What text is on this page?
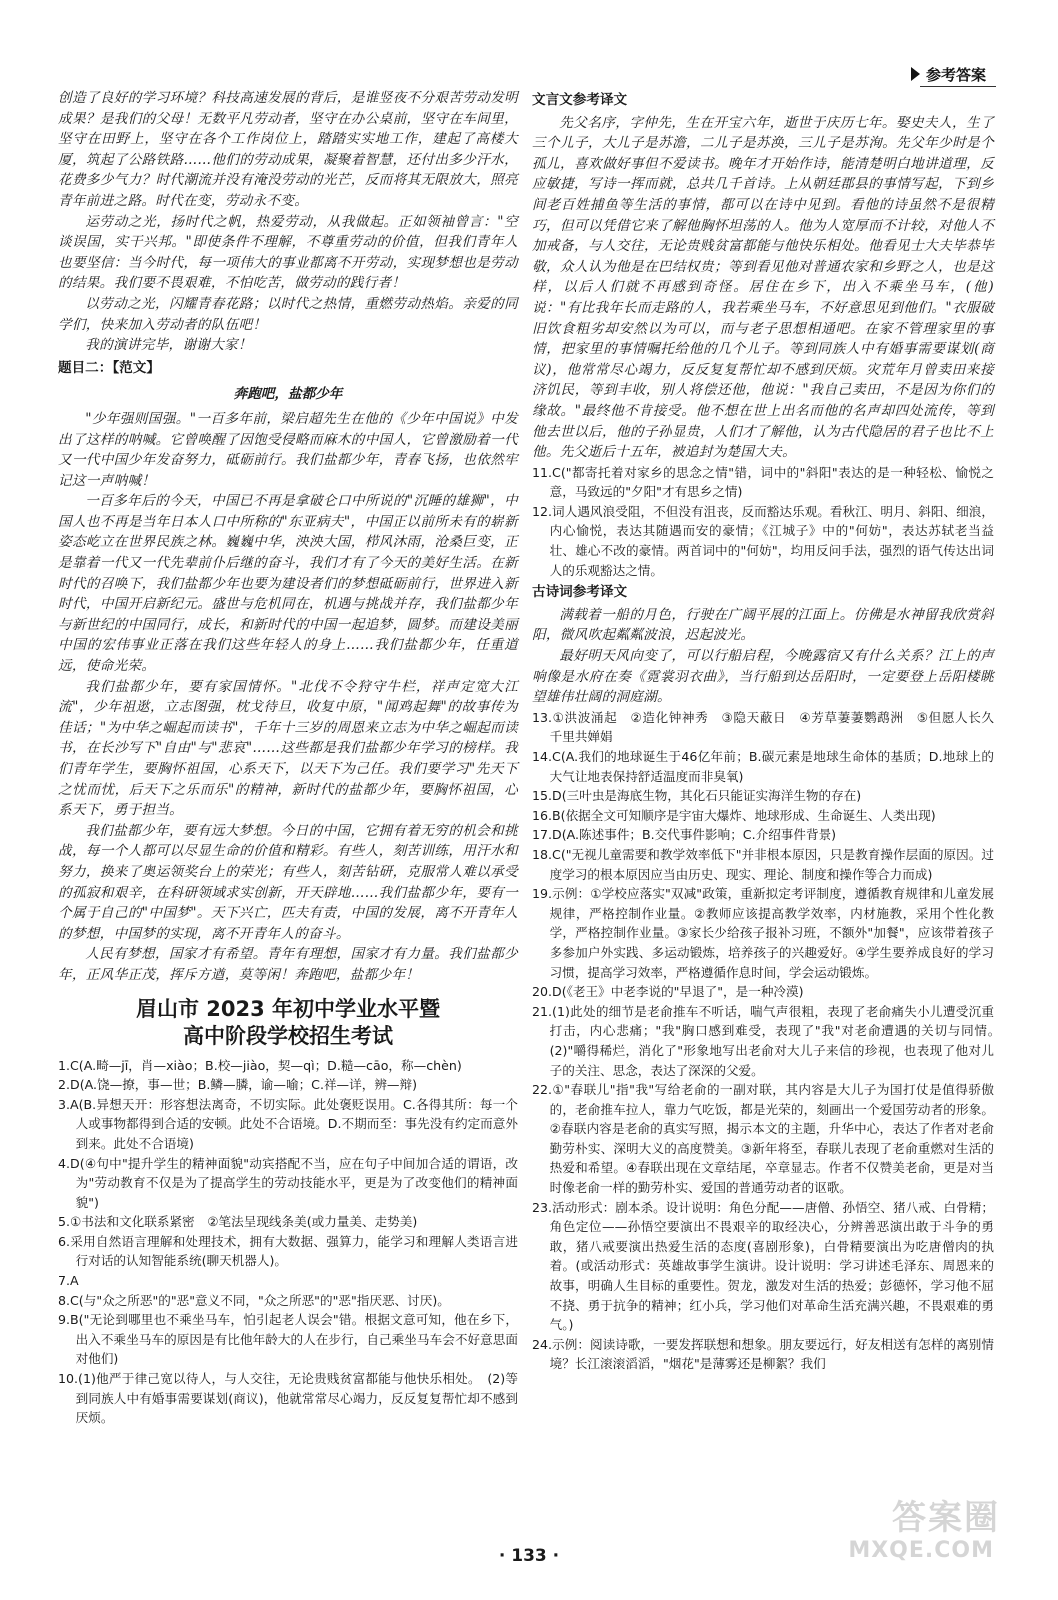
参考答案

创造了良好的学习环境？科技高速发展的背后，是谁竖夜不分艰苦劳动发明成果？是我们的父母！无数平凡劳动者，坚守在办公桌前，坚守在车间里，坚守在田野上，坚守在各个工作岗位上，踏踏实实地工作，建起了高楼大厦，筑起了公路铁路……他们的劳动成果，凝聚着智慧，还付出多少汗水，花费多少气力？时代潮流并没有淹没劳动的光芒，反而将其无限放大，照亮青年前进之路。时代在变，劳动永不变。

运劳动之光，扬时代之帆，热爱劳动，从我做起。正如领袖曾言："空谈误国，实干兴邦。"即使条件不理解，不尊重劳动的价值，但我们青年人也要坚信：当今时代，每一项伟大的事业都离不开劳动，实现梦想也是劳动的结果。我们要不畏艰难，不怕吃苦，做劳动的践行者！

以劳动之光，闪耀青春花路；以时代之热情，重燃劳动热焰。亲爱的同学们，快来加入劳动者的队伍吧！

我的演讲完毕，谢谢大家！

题目二：【范文】
奔跑吧，盐都少年

"少年强则国强。"一百多年前，梁启超先生在他的《少年中国说》中发出了这样的呐喊。它曾唤醒了因饱受侵略而麻木的中国人，它曾激励着一代又一代中国少年发奋努力，砥砺前行。我们盐都少年，青春飞扬，也依然牢记这一声呐喊！

一百多年后的今天，中国已不再是拿破仑口中所说的"沉睡的雄狮"，中国人也不再是当年日本人口中所称的"东亚病夫"，中国正以前所未有的崭新姿态屹立在世界民族之林。巍巍中华，泱泱大国，栉风沐雨，沧桑巨变，正是靠着一代又一代先辈前仆后继的奋斗，我们才有了今天的美好生活。在新时代的召唤下，我们盐都少年也要为建设者们的梦想砥砺前行，世界进入新时代，中国开启新纪元。盛世与危机同在，机遇与挑战并存，我们盐都少年与新世纪的中国同行，成长，和新时代的中国一起追梦，圆梦。而建设美丽中国的宏伟事业正落在我们这些年轻人的身上……我们盐都少年，任重道远，使命光荣。

我们盐都少年，要有家国情怀。"北伐不令狩守牛栏，祥声定宽大江流"，少年祖逖，立志图强，枕戈待旦，收复中原，"闻鸡起舞"的故事传为佳话；"为中华之崛起而读书"，千年十三岁的周恩来立志为中华之崛起而读书，在长沙写下"自由"与"悲哀"……这些都是我们盐都少年学习的榜样。我们青年学生，要胸怀祖国，心系天下，以天下为己任。我们要学习"先天下之忧而忧，后天下之乐而乐"的精神，新时代的盐都少年，要胸怀祖国，心系天下，勇于担当。

我们盐都少年，要有远大梦想。今日的中国，它拥有着无穷的机会和挑战，每一个人都可以尽显生命的价值和精彩。有些人，刻苦训练，用汗水和努力，换来了奥运领奖台上的荣光；有些人，刻苦钻研，克服常人难以承受的孤寂和艰辛，在科研领域求实创新，开天辟地……我们盐都少年，要有一个属于自己的"中国梦"。天下兴亡，匹夫有责，中国的发展，离不开青年人的梦想，中国梦的实现，离不开青年人的奋斗。

人民有梦想，国家才有希望。青年有理想，国家才有力量。我们盐都少年，正风华正茂，挥斥方遒，莫等闲！奔跑吧，盐都少年！

眉山市 2023 年初中学业水平暨
高中阶段学校招生考试

1.C(A.畸—jī，肖—xiào；B.校—jiào，契—qì；D.糙—cāo，称—chèn)

2.D(A.饶—撩，事—世；B.鳞—膦，谕—喻；C.祥—详，辨—辩)

3.A(B.异想天开：形容想法离奇，不切实际。此处褒贬误用。C.各得其所：每一个人或事物都得到合适的安顿。此处不合语境。D.不期而至：事先没有约定而意外到来。此处不合语境)

4.D(④句中"提升学生的精神面貌"动宾搭配不当，应在句子中间加合适的谓语，改为"劳动教育不仅是为了提高学生的劳动技能水平，更是为了改变他们的精神面貌")

5.①书法和文化联系紧密　②笔法呈现线条美(或力量美、走势美)

6.采用自然语言理解和处理技术，拥有大数据、强算力，能学习和理解人类语言进行对话的认知智能系统(聊天机器人)。

7.A

8.C(与"众之所恶"的"恶"意义不同，"众之所恶"的"恶"指厌恶、讨厌)。

9.B("无论到哪里也不乘坐马车，怕引起老人误会"错。根据文意可知，他在乡下，出入不乘坐马车的原因是有比他年龄大的人在步行，自己乘坐马车会不好意思面对他们)

10.(1)他严于律己宽以待人，与人交往，无论贵贱贫富都能与他快乐相处。　(2)等到同族人中有婚事需要谋划(商议)，他就常常尽心竭力，反反复复帮忙却不感到厌烦。

文言文参考译文

先父名序，字仲先，生在开宝六年，逝世于庆历七年。娶史夫人，生了三个儿子，大儿子是苏澹，二儿子是苏涣，三儿子是苏洵。先父年少时是个孤儿，喜欢做好事但不爱读书。晚年才开始作诗，能清楚明白地讲道理，反应敏捷，写诗一挥而就，总共几千首诗。上从朝廷郡县的事情写起，下到乡间老百姓捕鱼等生活的事情，都可以在诗中见到。看他的诗虽然不是很精巧，但可以凭借它来了解他胸怀坦荡的人。他为人宽厚而不计较，对他人不加戒备，与人交往，无论贵贱贫富都能与他快乐相处。他看见士大夫毕恭毕敬，众人认为他是在巴结权贵；等到看见他对普通农家和乡野之人，也是这样，以后人们就不再感到奇怪。居住在乡下，出入不乘坐马车，(他)说："有比我年长而走路的人，我若乘坐马车，不好意思见到他们。"衣服破旧饮食粗劣却安然以为可以，而与老子思想相通吧。在家不管理家里的事情，把家里的事情嘱托给他的几个儿子。等到同族人中有婚事需要谋划(商议)，他常常尽心竭力，反反复复帮忙却不感到厌烦。灾荒年月曾卖田来接济饥民，等到丰收，别人将偿还他，他说："我自己卖田，不是因为你们的缘故。"最终他不肯接受。他不想在世上出名而他的名声却四处流传，等到他去世以后，他的子孙显贵，人们才了解他，认为古代隐居的君子也比不上他。先父逝后十五年，被追封为楚国大夫。

11.C("都寄托着对家乡的思念之情"错，词中的"斜阳"表达的是一种轻松、愉悦之意，马致远的"夕阳"才有思乡之情)

12.词人遇风浪受阻，不但没有沮丧，反而豁达乐观。看秋江、明月、斜阳、细浪，内心愉悦，表达其随遇而安的豪情；《江城子》中的"何妨"，表达苏轼老当益壮、雄心不改的豪情。两首词中的"何妨"，均用反问手法，强烈的语气传达出词人的乐观豁达之情。

古诗词参考译文

满载着一船的月色，行驶在广阔平展的江面上。仿佛是水神留我欣赏斜阳，微风吹起粼粼波浪，迟起波光。

最好明天风向变了，可以行船启程，今晚露宿又有什么关系？江上的声响像是水府在奏《霓裳羽衣曲》，当行船到达岳阳时，一定要登上岳阳楼眺望雄伟壮阔的洞庭湖。

13.①洪波涌起　②造化钟神秀　③隐天蔽日　④芳草萋萋鹦鹉洲　⑤但愿人长久　千里共婵娟

14.C(A.我们的地球诞生于46亿年前；B.碳元素是地球生命体的基质；D.地球上的大气让地表保持舒适温度而非臭氧)

15.D(三叶虫是海底生物，其化石只能证实海洋生物的存在)

16.B(依据全文可知顺序是宇宙大爆炸、地球形成、生命诞生、人类出现)

17.D(A.陈述事件；B.交代事件影响；C.介绍事件背景)

18.C("无视儿童需要和教学效率低下"并非根本原因，只是教育操作层面的原因。过度学习的根本原因应当由历史、现实、理论、制度和操作等合力而成)

19.示例：①学校应落实"双减"政策，重新拟定考评制度，遵循教育规律和儿童发展规律，严格控制作业量。②教师应该提高教学效率，内材施教，采用个性化教学，严格控制作业量。③家长少给孩子报补习班，不额外"加餐"，应该带着孩子多参加户外实践、多运动锻炼，培养孩子的兴趣爱好。④学生要养成良好的学习习惯，提高学习效率，严格遵循作息时间，学会运动锻炼。

20.D(《老王》中老李说的"早退了"，是一种冷漠)

21.(1)此处的细节是老俞推车不听话，喘气声很粗，表现了老俞痛失小儿遭受沉重打击，内心悲痛；"我"胸口感到难受，表现了"我"对老俞遭遇的关切与同情。　(2)"嚼得稀烂，消化了"形象地写出老俞对大儿子来信的珍视，也表现了他对儿子的关注、思念，表达了深深的父爱。

22.①"春联儿"指"我"写给老俞的一副对联，其内容是大儿子为国打仗是值得骄傲的，老俞推车拉人，靠力气吃饭，都是光荣的，刻画出一个爱国劳动者的形象。②春联内容是老俞的真实写照，揭示本文的主题，升华中心，表达了作者对老俞勤劳朴实、深明大义的高度赞美。③新年将至，春联儿表现了老俞重燃对生活的热爱和希望。④春联出现在文章结尾，卒章显志。作者不仅赞美老俞，更是对当时像老俞一样的勤劳朴实、爱国的普通劳动者的讴歌。

23.活动形式：剧本杀。设计说明：角色分配——唐僧、孙悟空、猪八戒、白骨精；角色定位——孙悟空要演出不畏艰辛的取经决心，分辨善恶演出敢于斗争的勇敢，猪八戒要演出热爱生活的态度(喜剧形象)，白骨精要演出为吃唐僧肉的执着。(或活动形式：英雄故事学生演讲。设计说明：学习讲述毛泽东、周恩来的故事，明确人生目标的重要性。贺龙，激发对生活的热爱；彭德怀，学习他不屈不挠、勇于抗争的精神；红小兵，学习他们对革命生活充满兴趣，不畏艰难的勇气。)

24.示例：阅读诗歌，一要发挥联想和想象。朋友要远行，好友相送有怎样的离别情境？长江滚滚滔滔，"烟花"是薄雾还是柳絮？我们

· 133 ·
答案圈
MXQE.COM
